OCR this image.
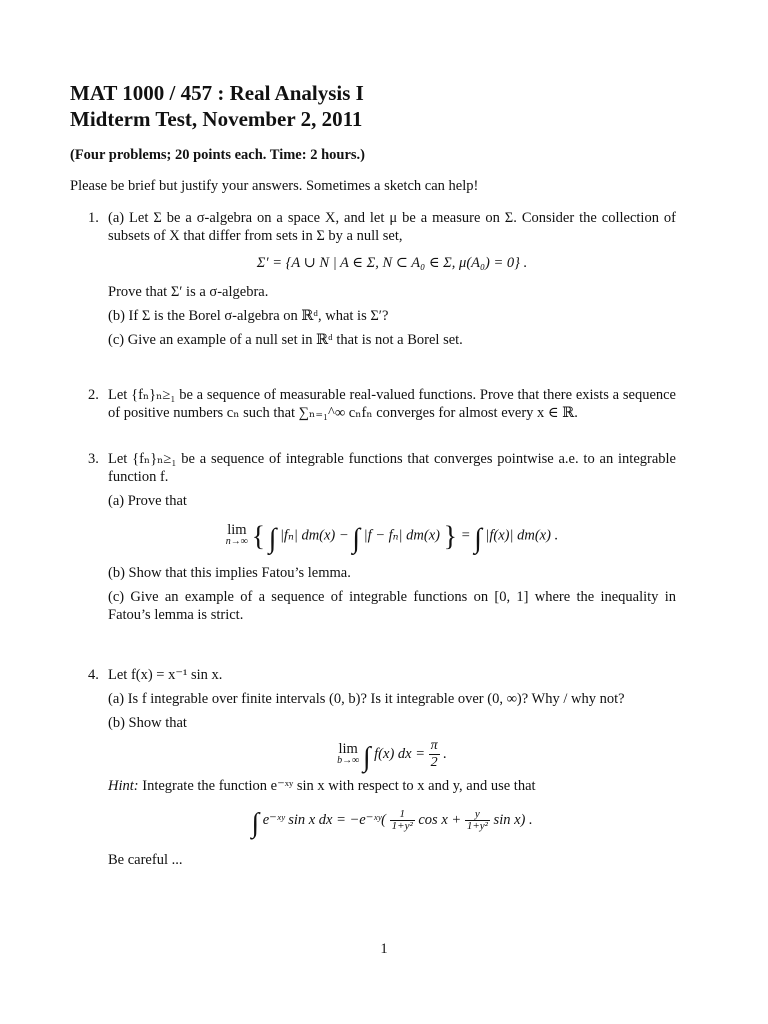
MAT 1000 / 457 : Real Analysis I
Midterm Test, November 2, 2011
(Four problems; 20 points each. Time: 2 hours.)
Please be brief but justify your answers. Sometimes a sketch can help!
1. (a) Let Σ be a σ-algebra on a space X, and let μ be a measure on Σ. Consider the collection of subsets of X that differ from sets in Σ by a null set,

Σ′ = {A ∪ N | A ∈ Σ, N ⊂ A₀ ∈ Σ, μ(A₀) = 0} .

Prove that Σ′ is a σ-algebra.

(b) If Σ is the Borel σ-algebra on ℝᵈ, what is Σ′?

(c) Give an example of a null set in ℝᵈ that is not a Borel set.

2. Let {fₙ}ₙ≥₁ be a sequence of measurable real-valued functions. Prove that there exists a sequence of positive numbers cₙ such that ∑ₙ₌₁^∞ cₙfₙ converges for almost every x ∈ ℝ.

3. Let {fₙ}ₙ≥₁ be a sequence of integrable functions that converges pointwise a.e. to an integrable function f.

(a) Prove that

lim
n→∞ { ∫ |fₙ| dm(x) − ∫ |f − fₙ| dm(x) } = ∫ |f(x)| dm(x) .

(b) Show that this implies Fatou’s lemma.

(c) Give an example of a sequence of integrable functions on [0, 1] where the inequality in Fatou’s lemma is strict.

4. Let f(x) = x⁻¹ sin x.

(a) Is f integrable over finite intervals (0, b)? Is it integrable over (0, ∞)? Why / why not?

(b) Show that

lim
b→∞ ∫ f(x) dx = $\frac{\pi}{2}$ .

Hint: Integrate the function e⁻ˣʸ sin x with respect to x and y, and use that

∫ e⁻ˣʸ sin x dx = −e⁻ˣʸ( $\frac{1}{\text{1+y²}}$ $\cos x + \frac{y}{\text{1+y²}}$ sin x) .

Be careful ...

1
